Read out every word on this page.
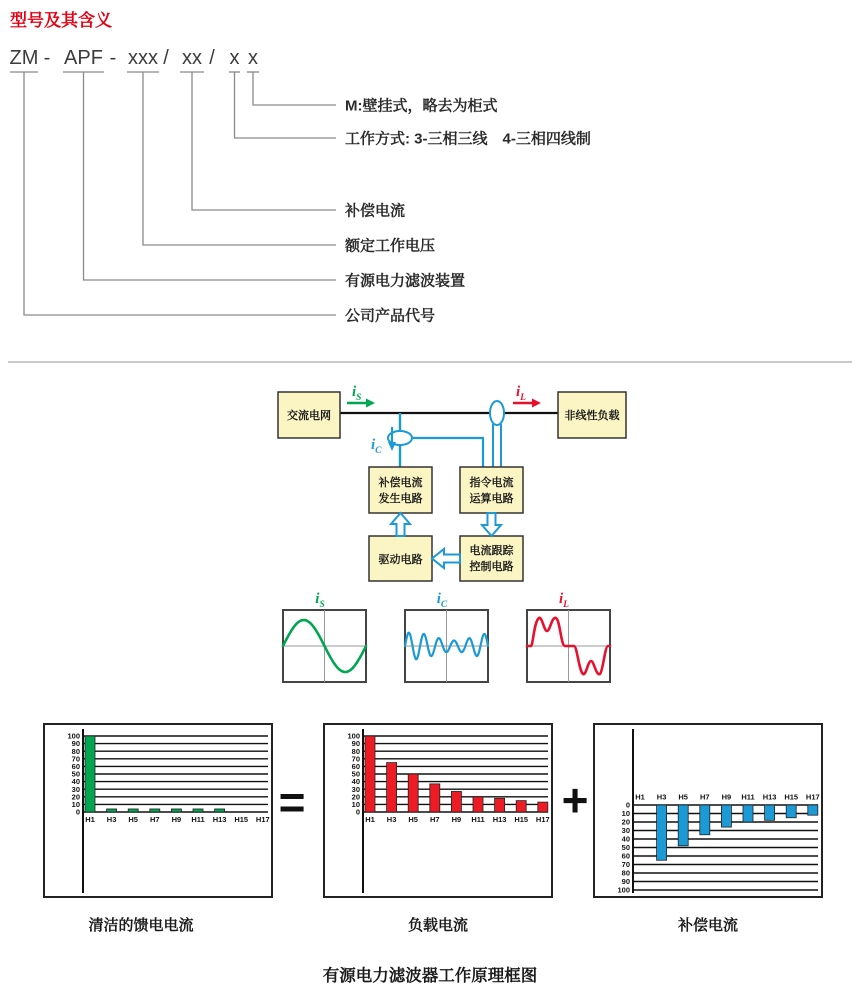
型号及其含义
ZM - APF - xxx / xx / x x
M:壁挂式，略去为柜式
工作方式: 3-三相三线　4-三相四线制
补偿电流
额定工作电压
有源电力滤波装置
公司产品代号
交流电网	非线性负载
$i_S$	$i_L$
$i_C$
补偿电流
发生电路
指令电流
运算电路
驱动电路
电流跟踪
控制电路
$i_S$	$i_C$	$i_L$
0
10
20
30
40
50
60
70
80
90
100
H1 H3 H5 H7 H9 H11 H13 H15 H17
0
10
20
30
40
50
60
70
80
90
100
H1 H3 H5 H7 H9 H11 H13 H15 H17
0
10
20
30
40
50
60
70
80
90
100
H1 H3 H5 H7 H9 H11 H13 H15 H17
=	+
清洁的馈电电流	负载电流	补偿电流
有源电力滤波器工作原理框图
